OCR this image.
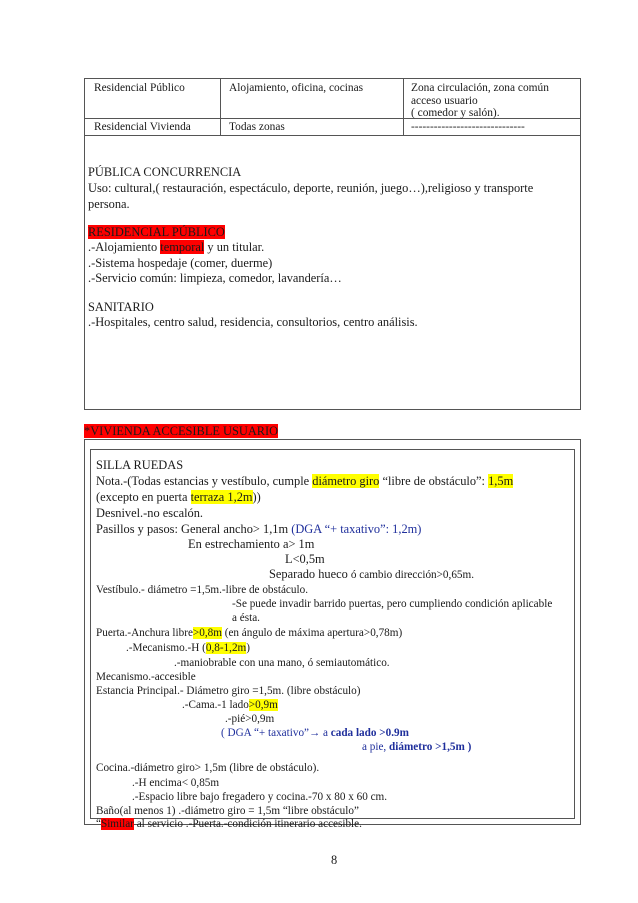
Residencial Público	Alojamiento, oficina, cocinas	Zona circulación, zona común
acceso usuario
( comedor y salón).
Residencial Vivienda	Todas zonas	------------------------------
PÚBLICA CONCURRENCIA
Uso: cultural,( restauración, espectáculo, deporte, reunión, juego…),religioso y transporte
persona.
RESIDENCIAL PÚBLICO
.-Alojamiento temporal y un titular.
.-Sistema hospedaje (comer, duerme)
.-Servicio común: limpieza, comedor, lavandería…
SANITARIO
.-Hospitales, centro salud, residencia, consultorios, centro análisis.
*VIVIENDA ACCESIBLE USUARIO
SILLA RUEDAS
Nota.-(Todas estancias y vestíbulo, cumple diámetro giro “libre de obstáculo”: 1,5m
(excepto en puerta terraza 1,2m))
Desnivel.-no escalón.
Pasillos y pasos: General ancho> 1,1m (DGA “+ taxativo”: 1,2m)
En estrechamiento a> 1m
L<0,5m
Separado hueco ó cambio dirección>0,65m.
Vestíbulo.- diámetro =1,5m.-libre de obstáculo.
-Se puede invadir barrido puertas, pero cumpliendo condición aplicable
a ésta.
Puerta.-Anchura libre>0,8m (en ángulo de máxima apertura>0,78m)
.-Mecanismo.-H (0,8-1,2m)
.-maniobrable con una mano, ó semiautomático.
Mecanismo.-accesible
Estancia Principal.- Diámetro giro =1,5m. (libre obstáculo)
.-Cama.-1 lado>0,9m
.-pié>0,9m
( DGA “+ taxativo”→ a cada lado >0.9m
a pie, diámetro >1,5m )
Cocina.-diámetro giro> 1,5m (libre de obstáculo).
.-H encima< 0,85m
.-Espacio libre bajo fregadero y cocina.-70 x 80 x 60 cm.
Baño(al menos 1) .-diámetro giro = 1,5m “libre obstáculo”
“Similar al servicio .-Puerta.-condición itinerario accesible.
8
